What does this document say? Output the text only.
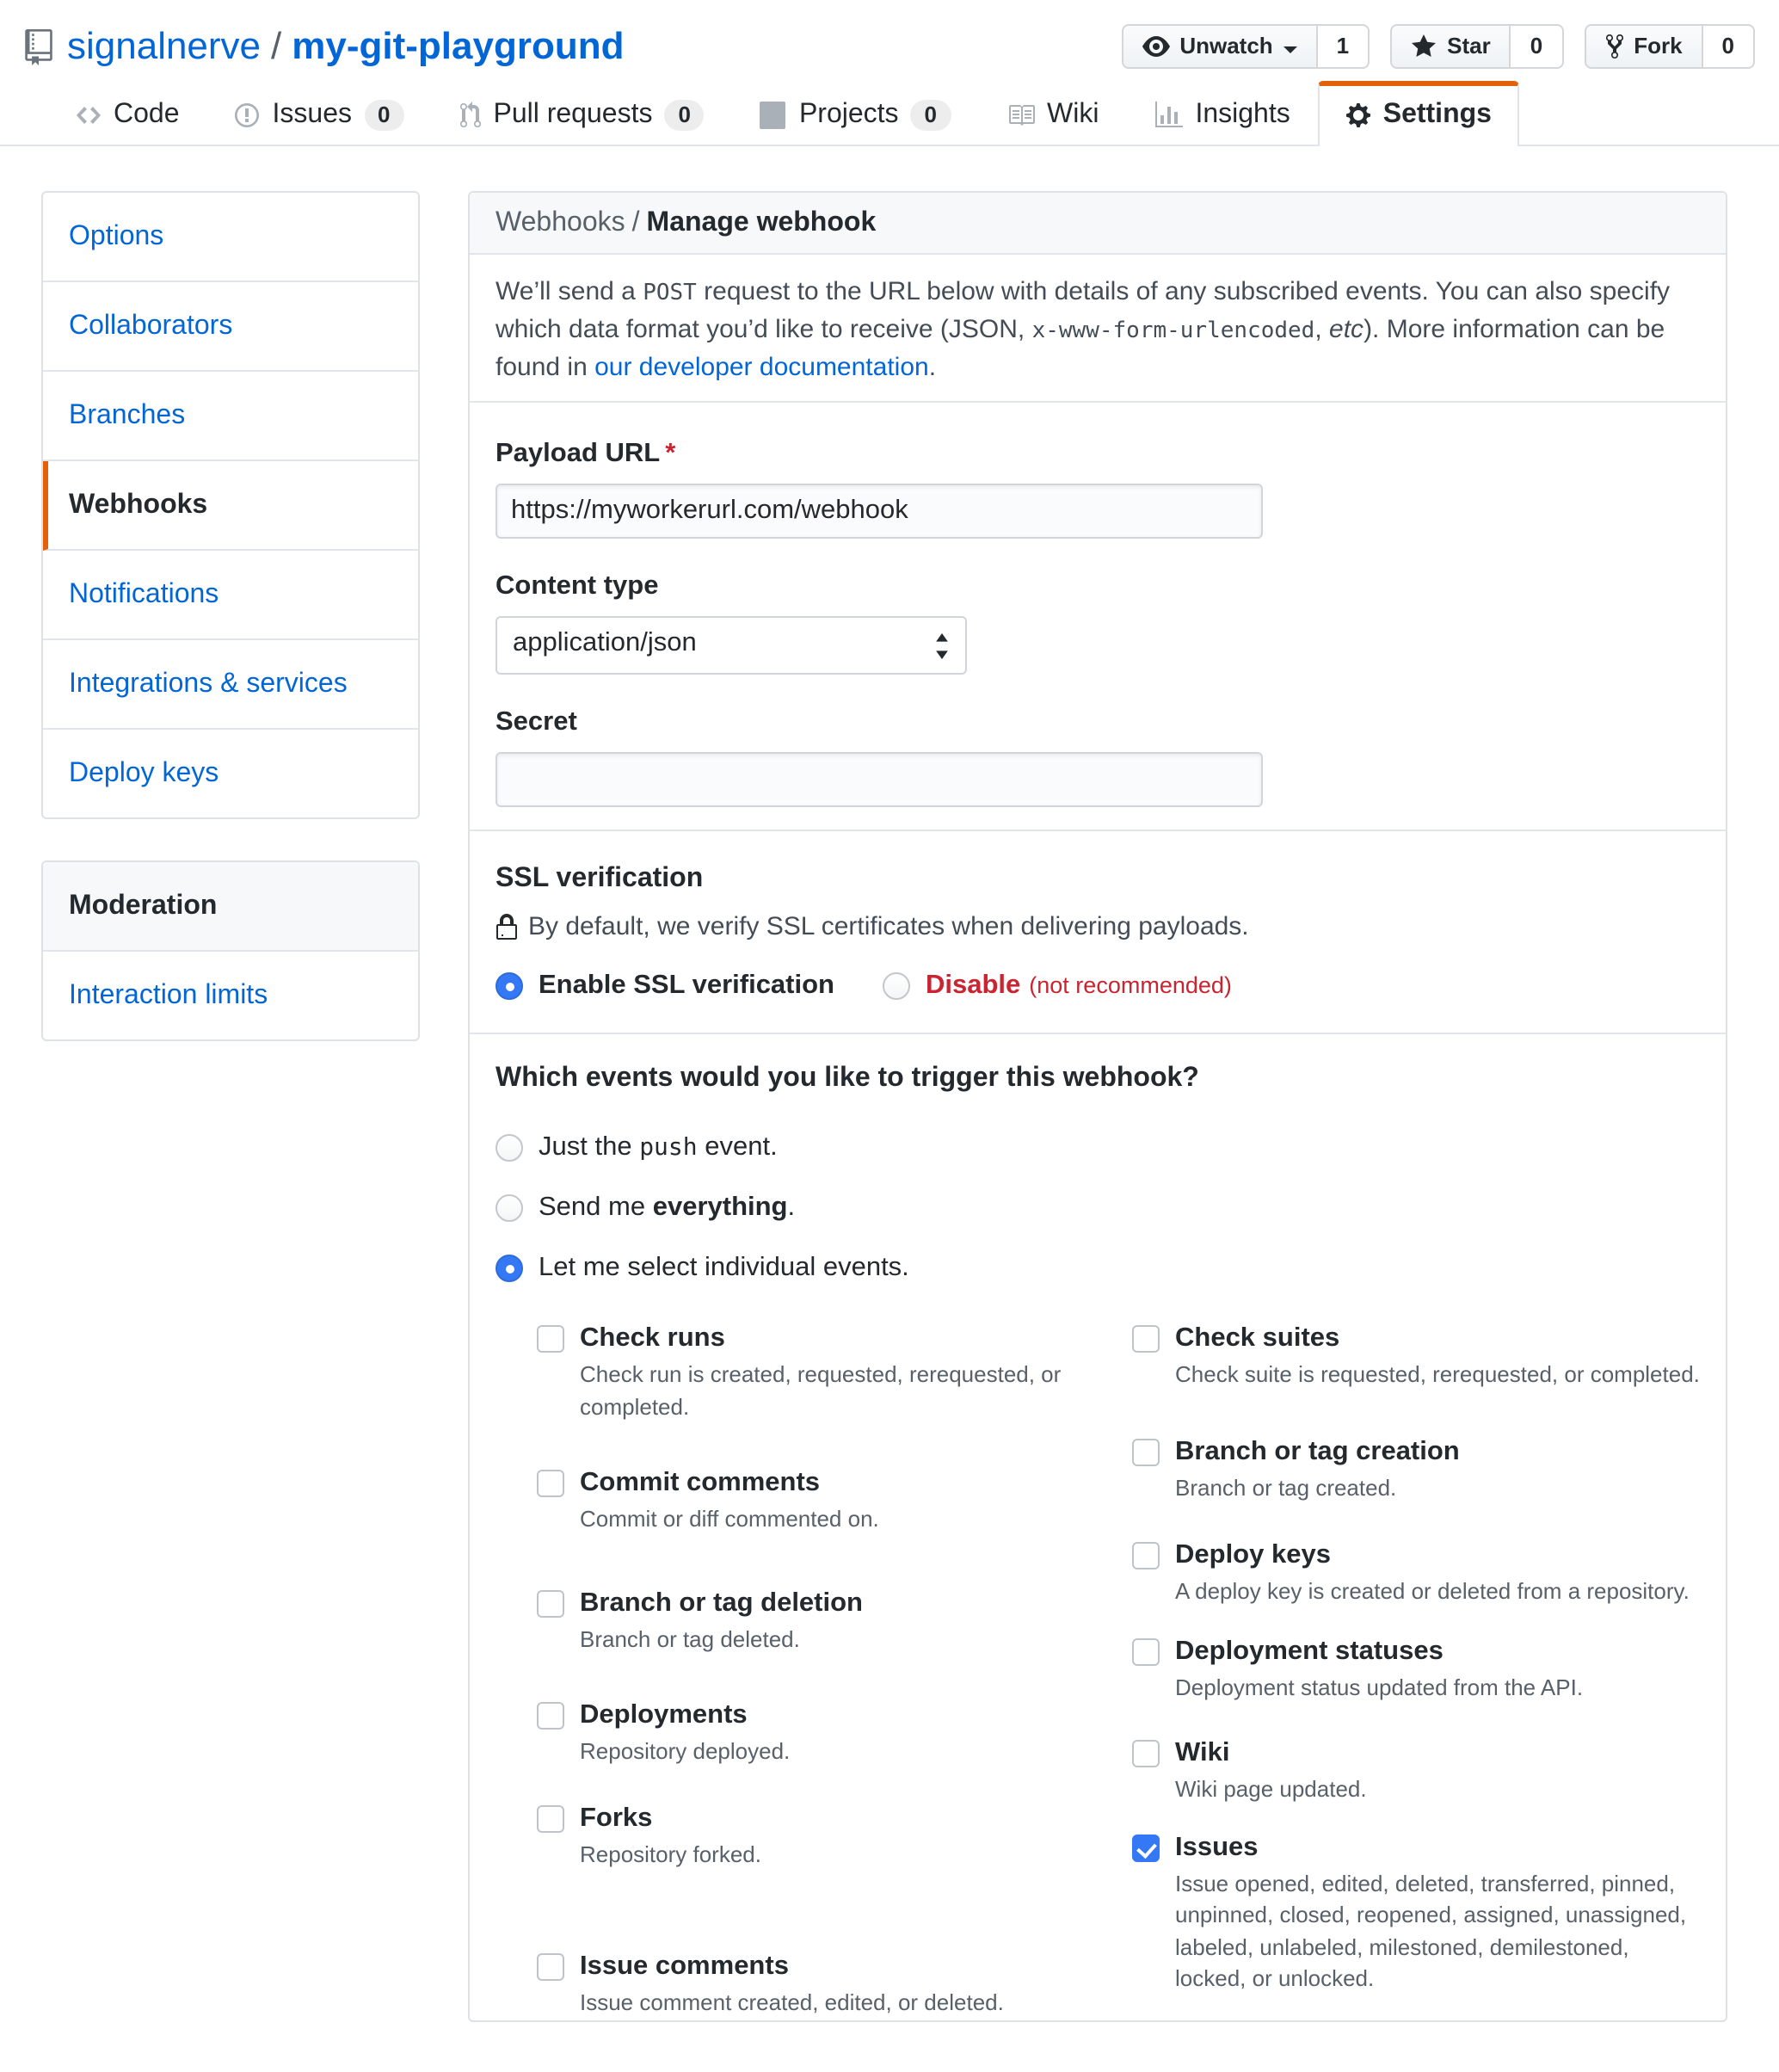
signalnerve / my-git-playground	Unwatch	1	Star	0	Fork	0
Code	Issues	0	Pull requests	0	Projects	0	Wiki	Insights	Settings
Options
Collaborators
Branches
Webhooks
Notifications
Integrations & services
Deploy keys
Moderation
Interaction limits
Webhooks / Manage webhook
We’ll send a POST request to the URL below with details of any subscribed events. You can also specify which data format you’d like to receive (JSON, x-www-form-urlencoded, etc). More information can be found in our developer documentation.
Payload URL *
https://myworkerurl.com/webhook
Content type
application/json
Secret
SSL verification
By default, we verify SSL certificates when delivering payloads.
Enable SSL verification	Disable (not recommended)
Which events would you like to trigger this webhook?
Just the push event.
Send me everything.
Let me select individual events.
Check runs
Check run is created, requested, rerequested, or completed.
Commit comments
Commit or diff commented on.
Branch or tag deletion
Branch or tag deleted.
Deployments
Repository deployed.
Forks
Repository forked.
Issue comments
Issue comment created, edited, or deleted.
Check suites
Check suite is requested, rerequested, or completed.
Branch or tag creation
Branch or tag created.
Deploy keys
A deploy key is created or deleted from a repository.
Deployment statuses
Deployment status updated from the API.
Wiki
Wiki page updated.
Issues
Issue opened, edited, deleted, transferred, pinned, unpinned, closed, reopened, assigned, unassigned, labeled, unlabeled, milestoned, demilestoned, locked, or unlocked.
